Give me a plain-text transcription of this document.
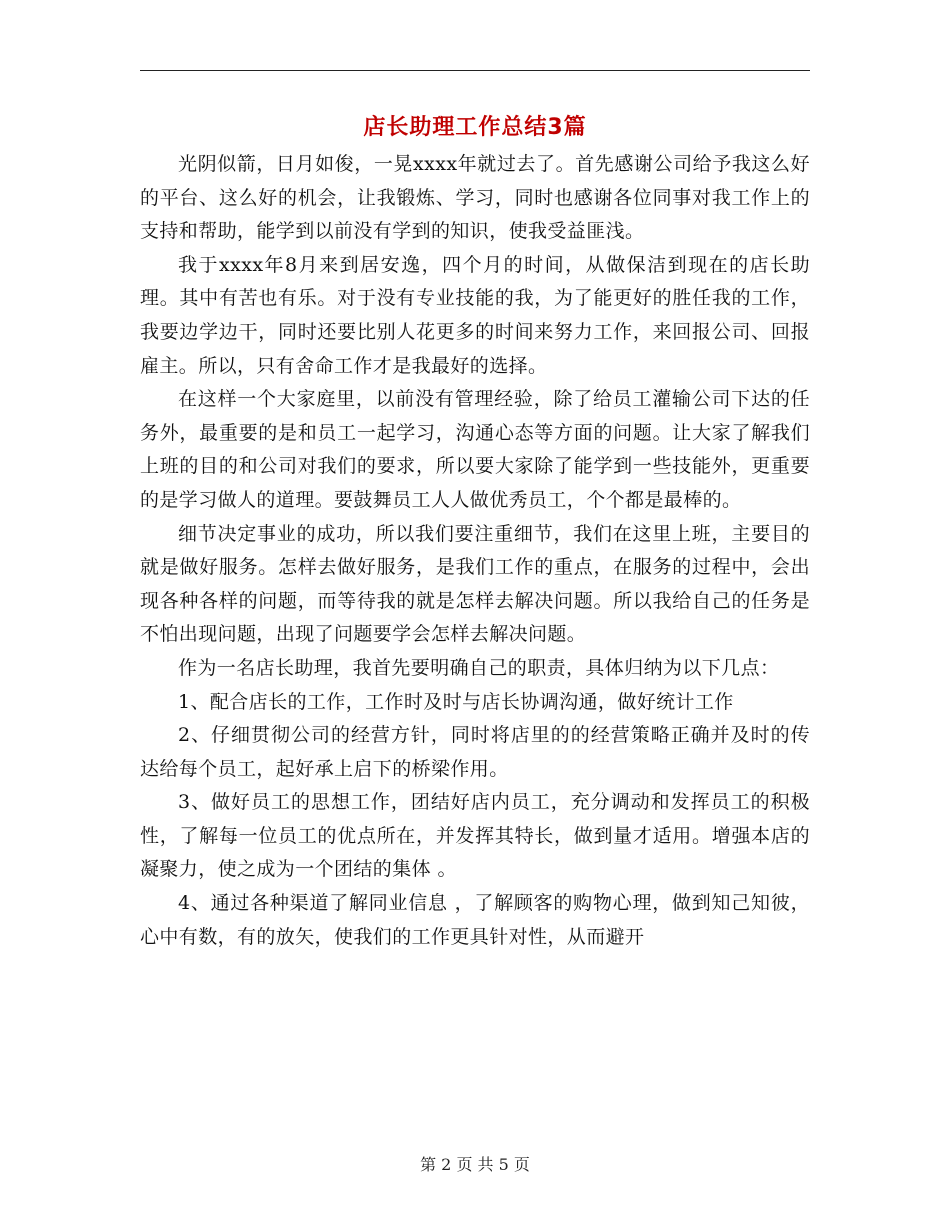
店长助理工作总结3篇

光阴似箭，日月如俊，一晃xxxx年就过去了。首先感谢公司给予我这么好的平台、这么好的机会，让我锻炼、学习，同时也感谢各位同事对我工作上的支持和帮助，能学到以前没有学到的知识，使我受益匪浅。

我于xxxx年8月来到居安逸，四个月的时间，从做保洁到现在的店长助理。其中有苦也有乐。对于没有专业技能的我，为了能更好的胜任我的工作，我要边学边干，同时还要比别人花更多的时间来努力工作，来回报公司、回报雇主。所以，只有舍命工作才是我最好的选择。

在这样一个大家庭里，以前没有管理经验，除了给员工灌输公司下达的任务外，最重要的是和员工一起学习，沟通心态等方面的问题。让大家了解我们上班的目的和公司对我们的要求，所以要大家除了能学到一些技能外，更重要的是学习做人的道理。要鼓舞员工人人做优秀员工，个个都是最棒的。

细节决定事业的成功，所以我们要注重细节，我们在这里上班，主要目的就是做好服务。怎样去做好服务，是我们工作的重点，在服务的过程中，会出现各种各样的问题，而等待我的就是怎样去解决问题。所以我给自己的任务是不怕出现问题，出现了问题要学会怎样去解决问题。

作为一名店长助理，我首先要明确自己的职责，具体归纳为以下几点：

1、配合店长的工作，工作时及时与店长协调沟通，做好统计工作

2、仔细贯彻公司的经营方针，同时将店里的的经营策略正确并及时的传达给每个员工，起好承上启下的桥梁作用。

3、做好员工的思想工作，团结好店内员工，充分调动和发挥员工的积极性，了解每一位员工的优点所在，并发挥其特长，做到量才适用。增强本店的凝聚力，使之成为一个团结的集体 。

4、通过各种渠道了解同业信息 ，了解顾客的购物心理，做到知己知彼，心中有数，有的放矢，使我们的工作更具针对性，从而避开

第 2 页 共 5 页
